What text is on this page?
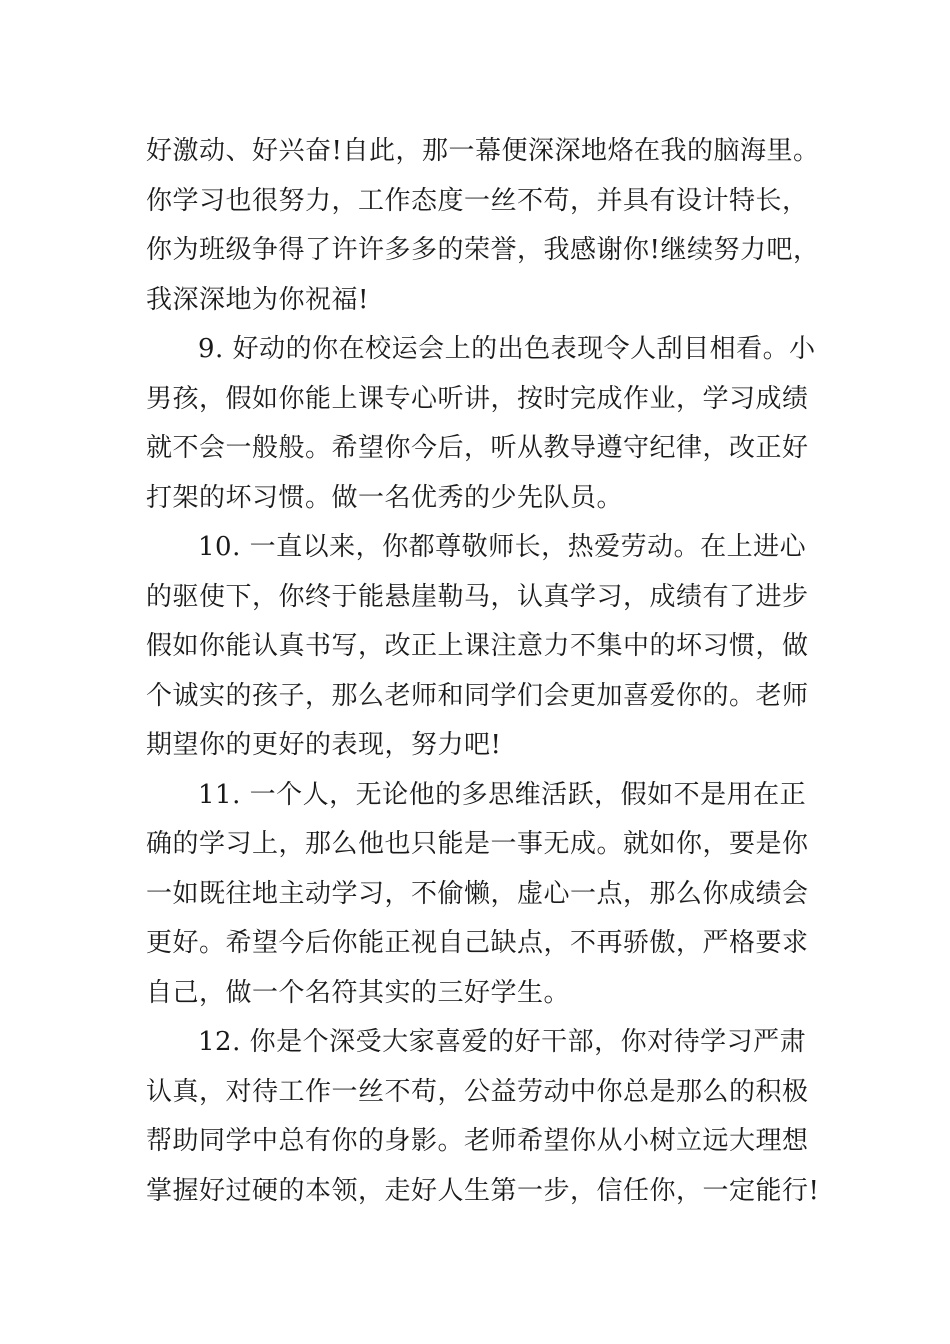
好激动、好兴奋!自此，那一幕便深深地烙在我的脑海里。
你学习也很努力，工作态度一丝不苟，并具有设计特长，
你为班级争得了许许多多的荣誉，我感谢你!继续努力吧，
我深深地为你祝福!
9. 好动的你在校运会上的出色表现令人刮目相看。小
男孩，假如你能上课专心听讲，按时完成作业，学习成绩
就不会一般般。希望你今后，听从教导遵守纪律，改正好
打架的坏习惯。做一名优秀的少先队员。
10. 一直以来，你都尊敬师长，热爱劳动。在上进心
的驱使下，你终于能悬崖勒马，认真学习，成绩有了进步
假如你能认真书写，改正上课注意力不集中的坏习惯，做
个诚实的孩子，那么老师和同学们会更加喜爱你的。老师
期望你的更好的表现，努力吧!
11. 一个人，无论他的多思维活跃，假如不是用在正
确的学习上，那么他也只能是一事无成。就如你，要是你
一如既往地主动学习，不偷懒，虚心一点，那么你成绩会
更好。希望今后你能正视自己缺点，不再骄傲，严格要求
自己，做一个名符其实的三好学生。
12. 你是个深受大家喜爱的好干部，你对待学习严肃
认真，对待工作一丝不苟，公益劳动中你总是那么的积极
帮助同学中总有你的身影。老师希望你从小树立远大理想
掌握好过硬的本领，走好人生第一步，信任你，一定能行!
